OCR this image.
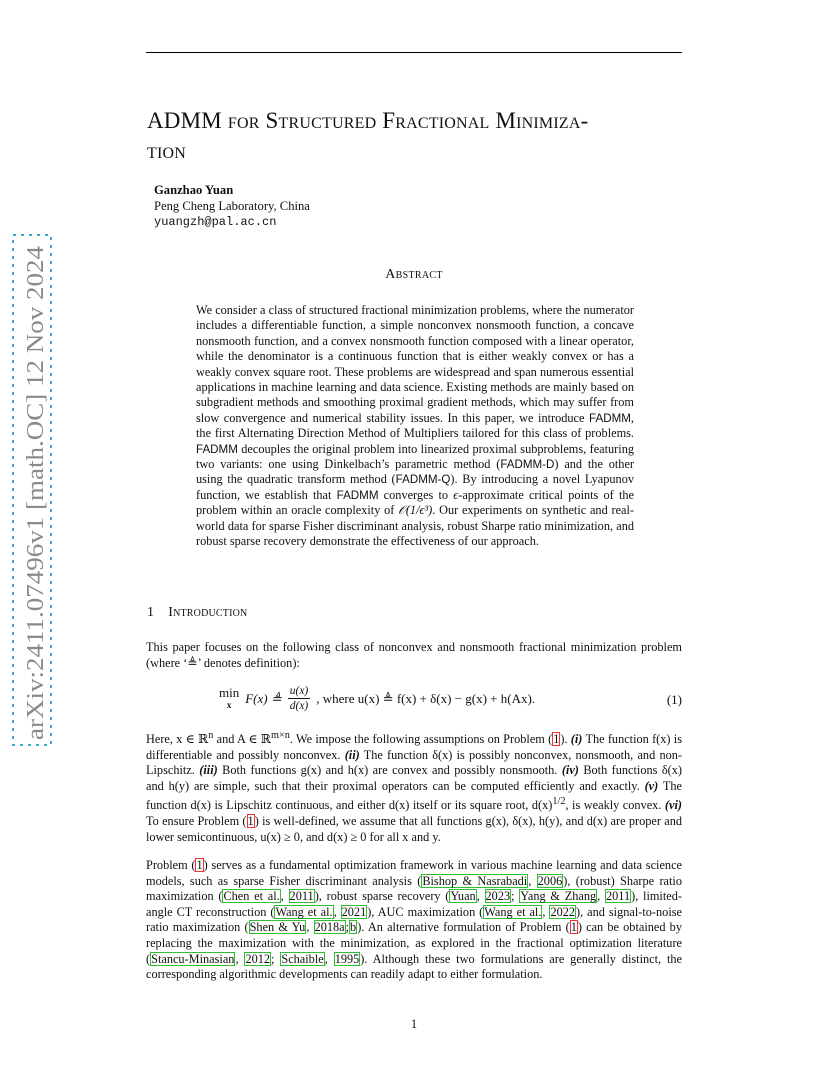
arXiv:2411.07496v1 [math.OC] 12 Nov 2024
ADMM for Structured Fractional Minimiza-
tion
Ganzhao Yuan
Peng Cheng Laboratory, China
yuangzh@pal.ac.cn
Abstract
We consider a class of structured fractional minimization problems, where the numerator includes a differentiable function, a simple nonconvex nonsmooth function, a concave nonsmooth function, and a convex nonsmooth function composed with a linear operator, while the denominator is a continuous function that is either weakly convex or has a weakly convex square root. These problems are widespread and span numerous essential applications in machine learning and data science. Existing methods are mainly based on subgradient methods and smoothing proximal gradient methods, which may suffer from slow convergence and numerical stability issues. In this paper, we introduce FADMM, the first Alternating Direction Method of Multipliers tailored for this class of problems. FADMM decouples the original problem into linearized proximal subproblems, featuring two variants: one using Dinkelbach’s parametric method (FADMM-D) and the other using the quadratic transform method (FADMM-Q). By introducing a novel Lyapunov function, we establish that FADMM converges to ϵ-approximate critical points of the problem within an oracle complexity of 𝒪(1/ϵ³). Our experiments on synthetic and real-world data for sparse Fisher discriminant analysis, robust Sharpe ratio minimization, and robust sparse recovery demonstrate the effectiveness of our approach.
1 Introduction
This paper focuses on the following class of nonconvex and nonsmooth fractional minimization problem (where ‘≜’ denotes definition):
min
x F(x) ≜ $\frac{u(x)}{d(x)}$ , where u(x) ≜ f(x) + δ(x) − g(x) + h(Ax).	(1)
Here, x ∈ ℝ$^n$ and A ∈ ℝ$^{m\times n}$. We impose the following assumptions on Problem (1). (i) The function f(x) is differentiable and possibly nonconvex. (ii) The function δ(x) is possibly nonconvex, nonsmooth, and non-Lipschitz. (iii) Both functions g(x) and h(x) are convex and possibly nonsmooth. (iv) Both functions δ(x) and h(y) are simple, such that their proximal operators can be computed efficiently and exactly. (v) The function d(x) is Lipschitz continuous, and either d(x) itself or its square root, $d(x)^{1/2}$, is weakly convex. (vi) To ensure Problem (1) is well-defined, we assume that all functions g(x), δ(x), h(y), and d(x) are proper and lower semicontinuous, u(x) ≥ 0, and d(x) ≥ 0 for all x and y.
Problem (1) serves as a fundamental optimization framework in various machine learning and data science models, such as sparse Fisher discriminant analysis (Bishop & Nasrabadi, 2006), (robust) Sharpe ratio maximization (Chen et al., 2011), robust sparse recovery (Yuan, 2023; Yang & Zhang, 2011), limited-angle CT reconstruction (Wang et al., 2021), AUC maximization (Wang et al., 2022), and signal-to-noise ratio maximization (Shen & Yu, 2018a;b). An alternative formulation of Problem (1) can be obtained by replacing the maximization with the minimization, as explored in the fractional optimization literature (Stancu-Minasian, 2012; Schaible, 1995). Although these two formulations are generally distinct, the corresponding algorithmic developments can readily adapt to either formulation.
1
